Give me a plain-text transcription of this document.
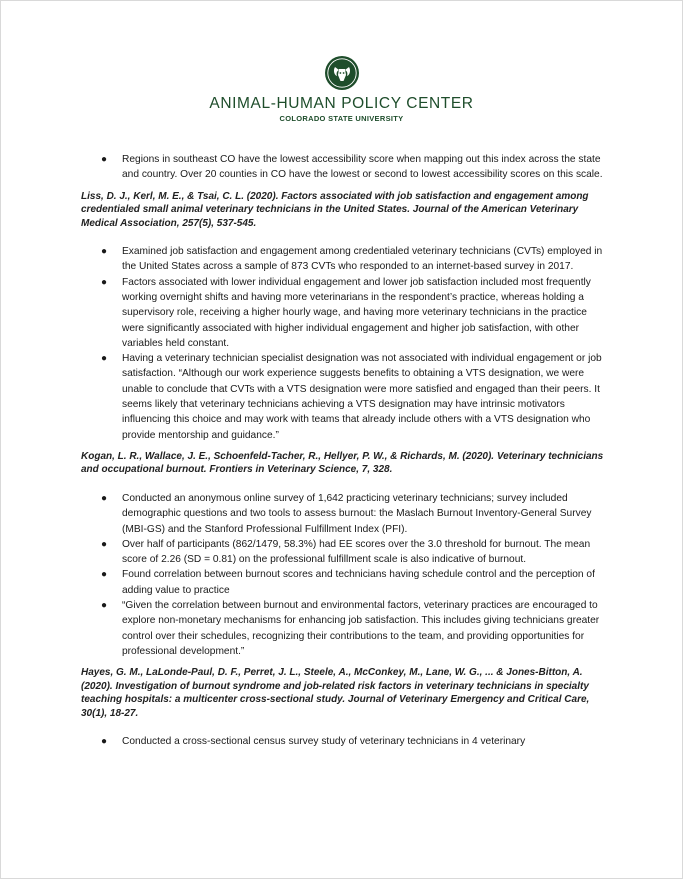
ANIMAL-HUMAN POLICY CENTER
COLORADO STATE UNIVERSITY
● Regions in southeast CO have the lowest accessibility score when mapping out this index across the state and country. Over 20 counties in CO have the lowest or second to lowest accessibility scores on this scale.

Liss, D. J., Kerl, M. E., & Tsai, C. L. (2020). Factors associated with job satisfaction and engagement among credentialed small animal veterinary technicians in the United States. Journal of the American Veterinary Medical Association, 257(5), 537-545.

● Examined job satisfaction and engagement among credentialed veterinary technicians (CVTs) employed in the United States across a sample of 873 CVTs who responded to an internet-based survey in 2017.
● Factors associated with lower individual engagement and lower job satisfaction included most frequently working overnight shifts and having more veterinarians in the respondent’s practice, whereas holding a supervisory role, receiving a higher hourly wage, and having more veterinary technicians in the practice were significantly associated with higher individual engagement and higher job satisfaction, with other variables held constant.
● Having a veterinary technician specialist designation was not associated with individual engagement or job satisfaction. “Although our work experience suggests benefits to obtaining a VTS designation, we were unable to conclude that CVTs with a VTS designation were more satisfied and engaged than their peers. It seems likely that veterinary technicians achieving a VTS designation may have intrinsic motivators influencing this choice and may work with teams that already include others with a VTS designation who provide mentorship and guidance.”

Kogan, L. R., Wallace, J. E., Schoenfeld-Tacher, R., Hellyer, P. W., & Richards, M. (2020). Veterinary technicians and occupational burnout. Frontiers in Veterinary Science, 7, 328.

● Conducted an anonymous online survey of 1,642 practicing veterinary technicians; survey included demographic questions and two tools to assess burnout: the Maslach Burnout Inventory-General Survey (MBI-GS) and the Stanford Professional Fulfillment Index (PFI).
● Over half of participants (862/1479, 58.3%) had EE scores over the 3.0 threshold for burnout. The mean score of 2.26 (SD = 0.81) on the professional fulfillment scale is also indicative of burnout.
● Found correlation between burnout scores and technicians having schedule control and the perception of adding value to practice
● “Given the correlation between burnout and environmental factors, veterinary practices are encouraged to explore non-monetary mechanisms for enhancing job satisfaction. This includes giving technicians greater control over their schedules, recognizing their contributions to the team, and providing opportunities for professional development.”

Hayes, G. M., LaLonde-Paul, D. F., Perret, J. L., Steele, A., McConkey, M., Lane, W. G., ... & Jones-Bitton, A. (2020). Investigation of burnout syndrome and job-related risk factors in veterinary technicians in specialty teaching hospitals: a multicenter cross-sectional study. Journal of Veterinary Emergency and Critical Care, 30(1), 18-27.

● Conducted a cross-sectional census survey study of veterinary technicians in 4 veterinary
